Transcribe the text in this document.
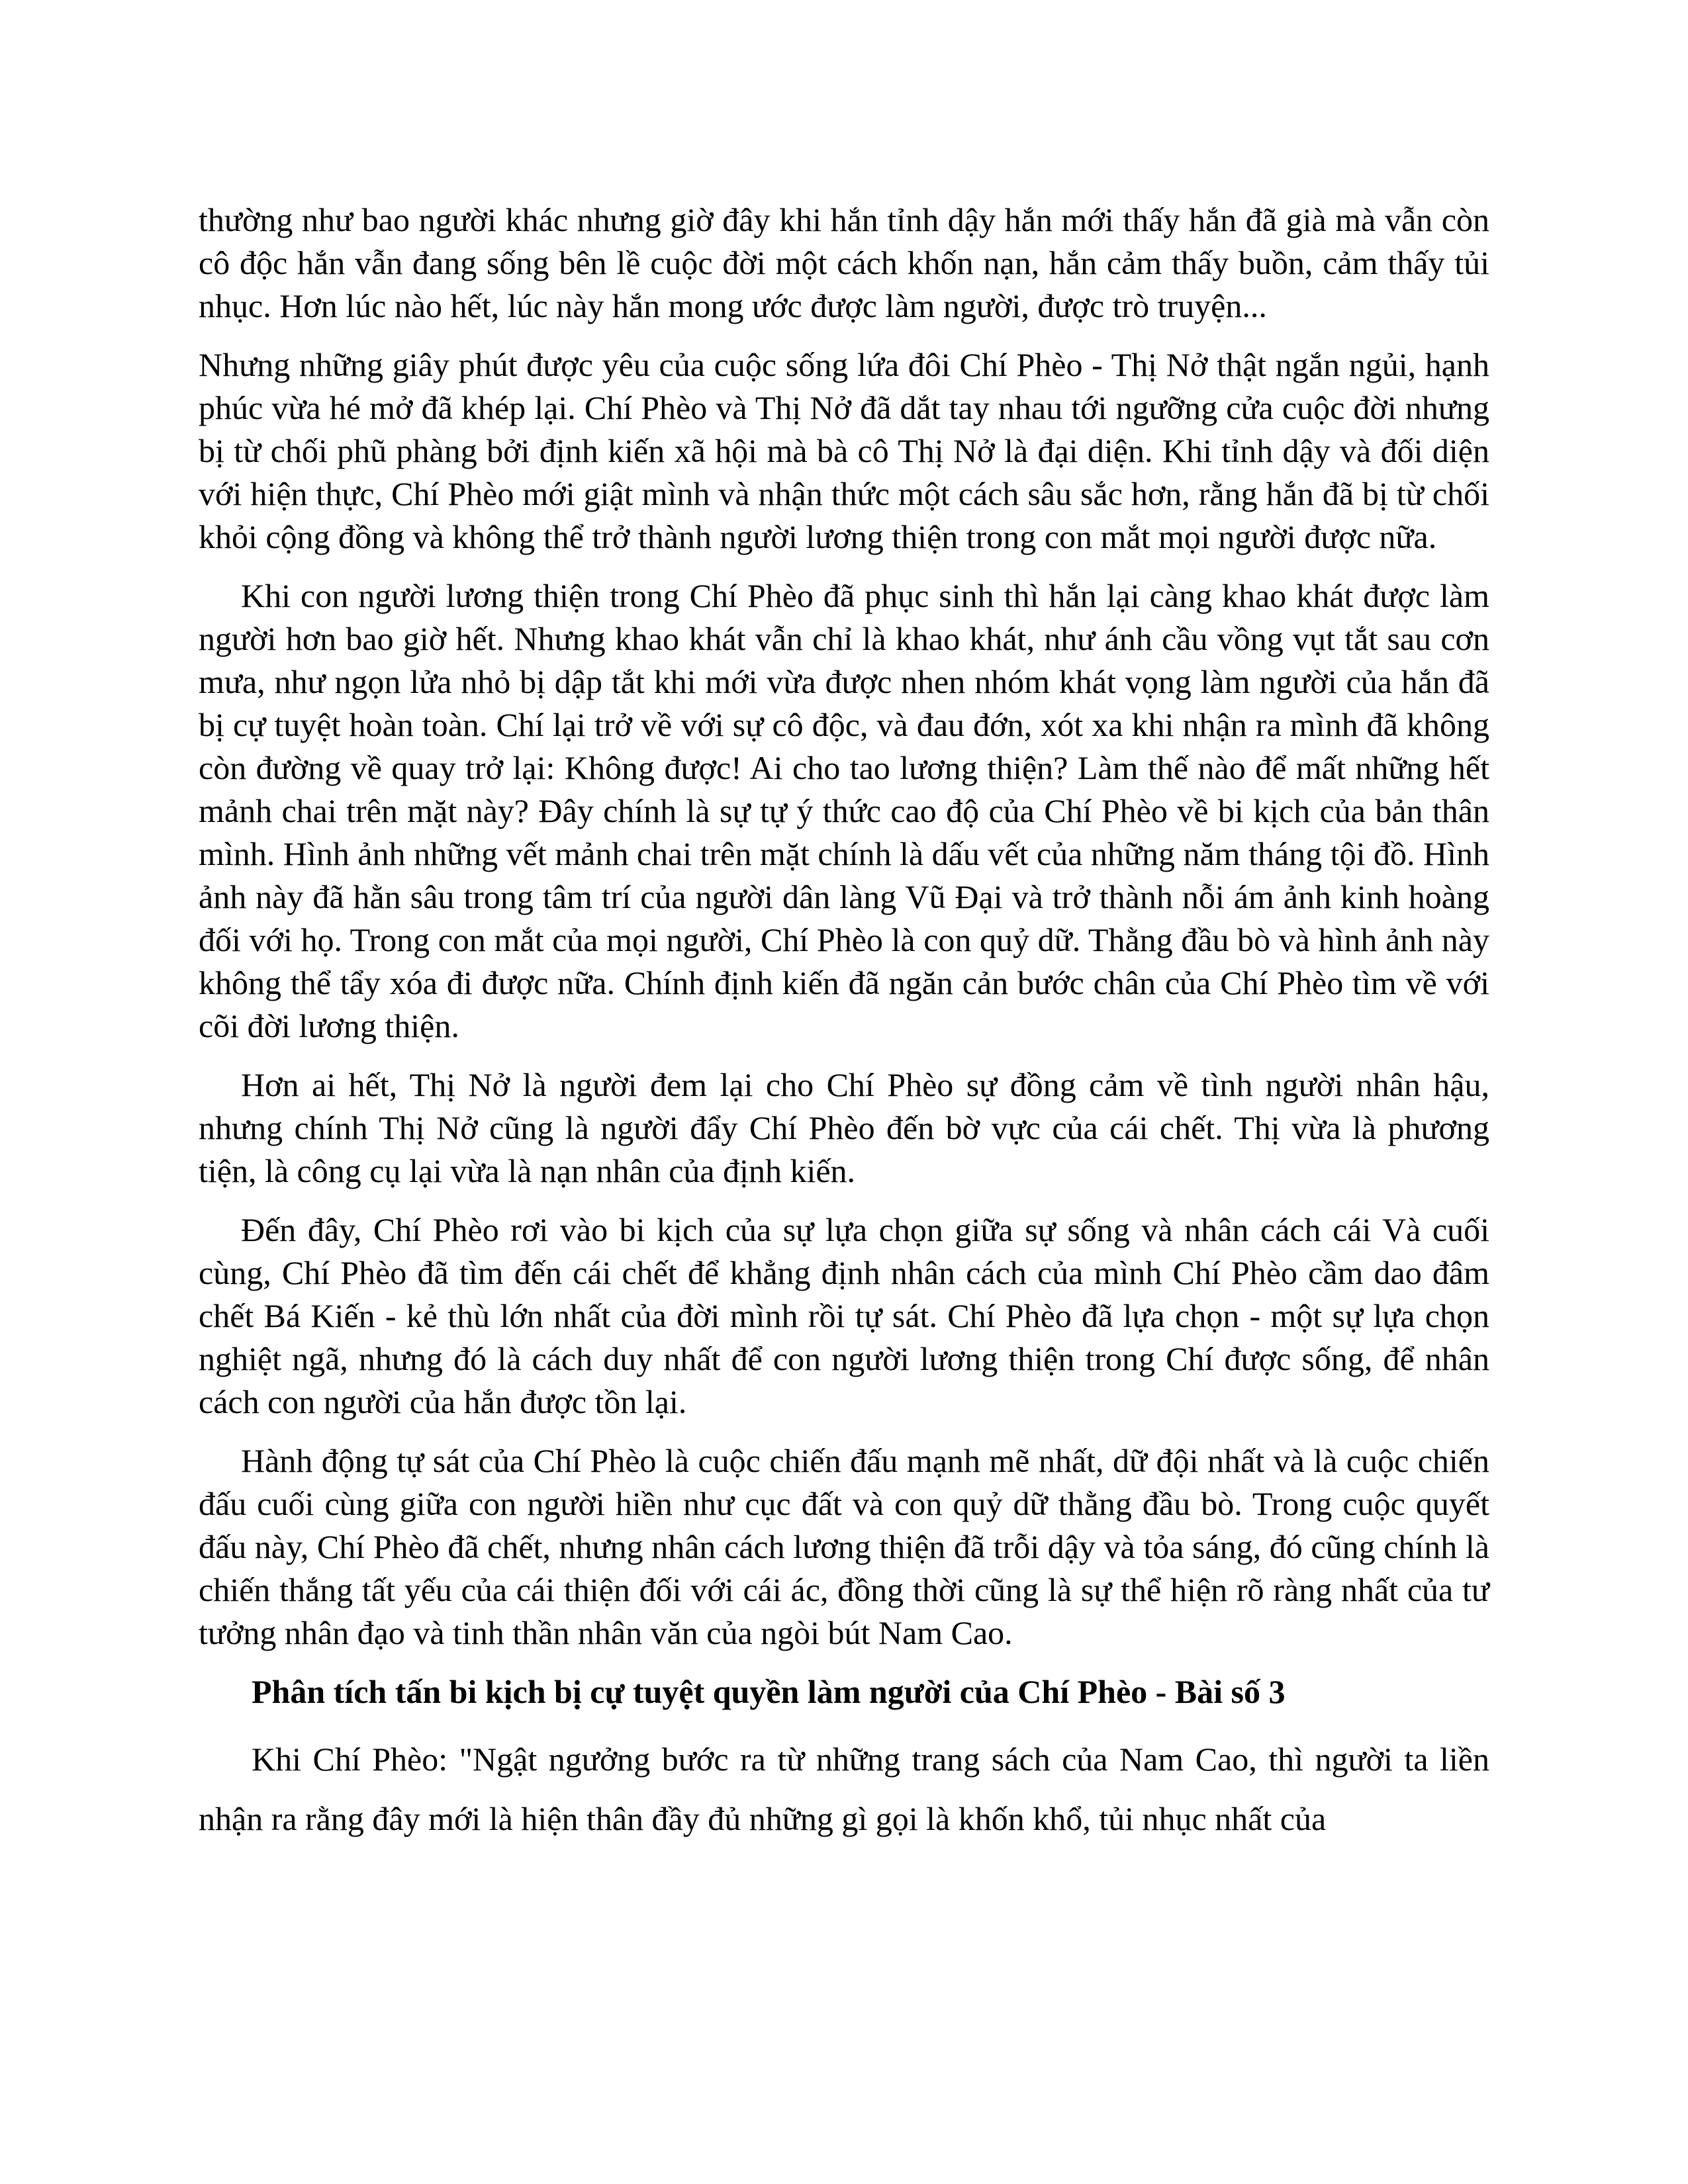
thường như bao người khác nhưng giờ đây khi hắn tỉnh dậy hắn mới thấy hắn đã già mà vẫn còn cô độc hắn vẫn đang sống bên lề cuộc đời một cách khốn nạn, hắn cảm thấy buồn, cảm thấy tủi nhục. Hơn lúc nào hết, lúc này hắn mong ước được làm người, được trò truyện...

Nhưng những giây phút được yêu của cuộc sống lứa đôi Chí Phèo - Thị Nở thật ngắn ngủi, hạnh phúc vừa hé mở đã khép lại. Chí Phèo và Thị Nở đã dắt tay nhau tới ngưỡng cửa cuộc đời nhưng bị từ chối phũ phàng bởi định kiến xã hội mà bà cô Thị Nở là đại diện. Khi tỉnh dậy và đối diện với hiện thực, Chí Phèo mới giật mình và nhận thức một cách sâu sắc hơn, rằng hắn đã bị từ chối khỏi cộng đồng và không thể trở thành người lương thiện trong con mắt mọi người được nữa.

Khi con người lương thiện trong Chí Phèo đã phục sinh thì hắn lại càng khao khát được làm người hơn bao giờ hết. Nhưng khao khát vẫn chỉ là khao khát, như ánh cầu vồng vụt tắt sau cơn mưa, như ngọn lửa nhỏ bị dập tắt khi mới vừa được nhen nhóm khát vọng làm người của hắn đã bị cự tuyệt hoàn toàn. Chí lại trở về với sự cô độc, và đau đớn, xót xa khi nhận ra mình đã không còn đường về quay trở lại: Không được! Ai cho tao lương thiện? Làm thế nào để mất những hết mảnh chai trên mặt này? Đây chính là sự tự ý thức cao độ của Chí Phèo về bi kịch của bản thân mình. Hình ảnh những vết mảnh chai trên mặt chính là dấu vết của những năm tháng tội đồ. Hình ảnh này đã hằn sâu trong tâm trí của người dân làng Vũ Đại và trở thành nỗi ám ảnh kinh hoàng đối với họ. Trong con mắt của mọi người, Chí Phèo là con quỷ dữ. Thằng đầu bò và hình ảnh này không thể tẩy xóa đi được nữa. Chính định kiến đã ngăn cản bước chân của Chí Phèo tìm về với cõi đời lương thiện.

Hơn ai hết, Thị Nở là người đem lại cho Chí Phèo sự đồng cảm về tình người nhân hậu, nhưng chính Thị Nở cũng là người đẩy Chí Phèo đến bờ vực của cái chết. Thị vừa là phương tiện, là công cụ lại vừa là nạn nhân của định kiến.

Đến đây, Chí Phèo rơi vào bi kịch của sự lựa chọn giữa sự sống và nhân cách cái Và cuối cùng, Chí Phèo đã tìm đến cái chết để khẳng định nhân cách của mình Chí Phèo cầm dao đâm chết Bá Kiến - kẻ thù lớn nhất của đời mình rồi tự sát. Chí Phèo đã lựa chọn - một sự lựa chọn nghiệt ngã, nhưng đó là cách duy nhất để con người lương thiện trong Chí được sống, để nhân cách con người của hắn được tồn lại.

Hành động tự sát của Chí Phèo là cuộc chiến đấu mạnh mẽ nhất, dữ đội nhất và là cuộc chiến đấu cuối cùng giữa con người hiền như cục đất và con quỷ dữ thằng đầu bò. Trong cuộc quyết đấu này, Chí Phèo đã chết, nhưng nhân cách lương thiện đã trỗi dậy và tỏa sáng, đó cũng chính là chiến thắng tất yếu của cái thiện đối với cái ác, đồng thời cũng là sự thể hiện rõ ràng nhất của tư tưởng nhân đạo và tinh thần nhân văn của ngòi bút Nam Cao.

Phân tích tấn bi kịch bị cự tuyệt quyền làm người của Chí Phèo - Bài số 3

Khi Chí Phèo: "Ngật ngưởng bước ra từ những trang sách của Nam Cao, thì người ta liền nhận ra rằng đây mới là hiện thân đầy đủ những gì gọi là khốn khổ, tủi nhục nhất của
